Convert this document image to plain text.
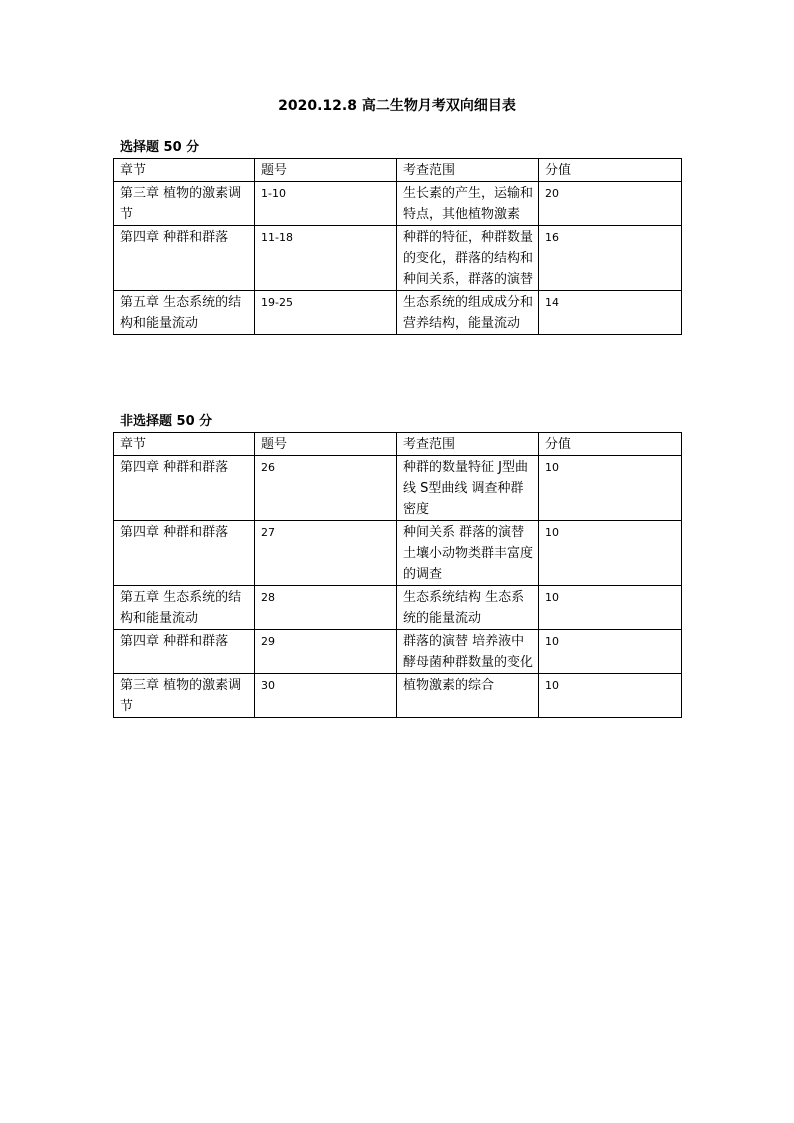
2020.12.8 高二生物月考双向细目表
选择题 50 分
章节	题号	考查范围	分值
第三章 植物的激素调节	1-10	生长素的产生，运输和特点，其他植物激素	20
第四章 种群和群落	11-18	种群的特征，种群数量的变化，群落的结构和种间关系，群落的演替	16
第五章 生态系统的结构和能量流动	19-25	生态系统的组成成分和营养结构，能量流动	14
非选择题 50 分
章节	题号	考查范围	分值
第四章 种群和群落	26	种群的数量特征 J型曲线 S型曲线 调查种群密度	10
第四章 种群和群落	27	种间关系 群落的演替 土壤小动物类群丰富度的调查	10
第五章 生态系统的结构和能量流动	28	生态系统结构 生态系统的能量流动	10
第四章 种群和群落	29	群落的演替 培养液中酵母菌种群数量的变化	10
第三章 植物的激素调节	30	植物激素的综合	10
